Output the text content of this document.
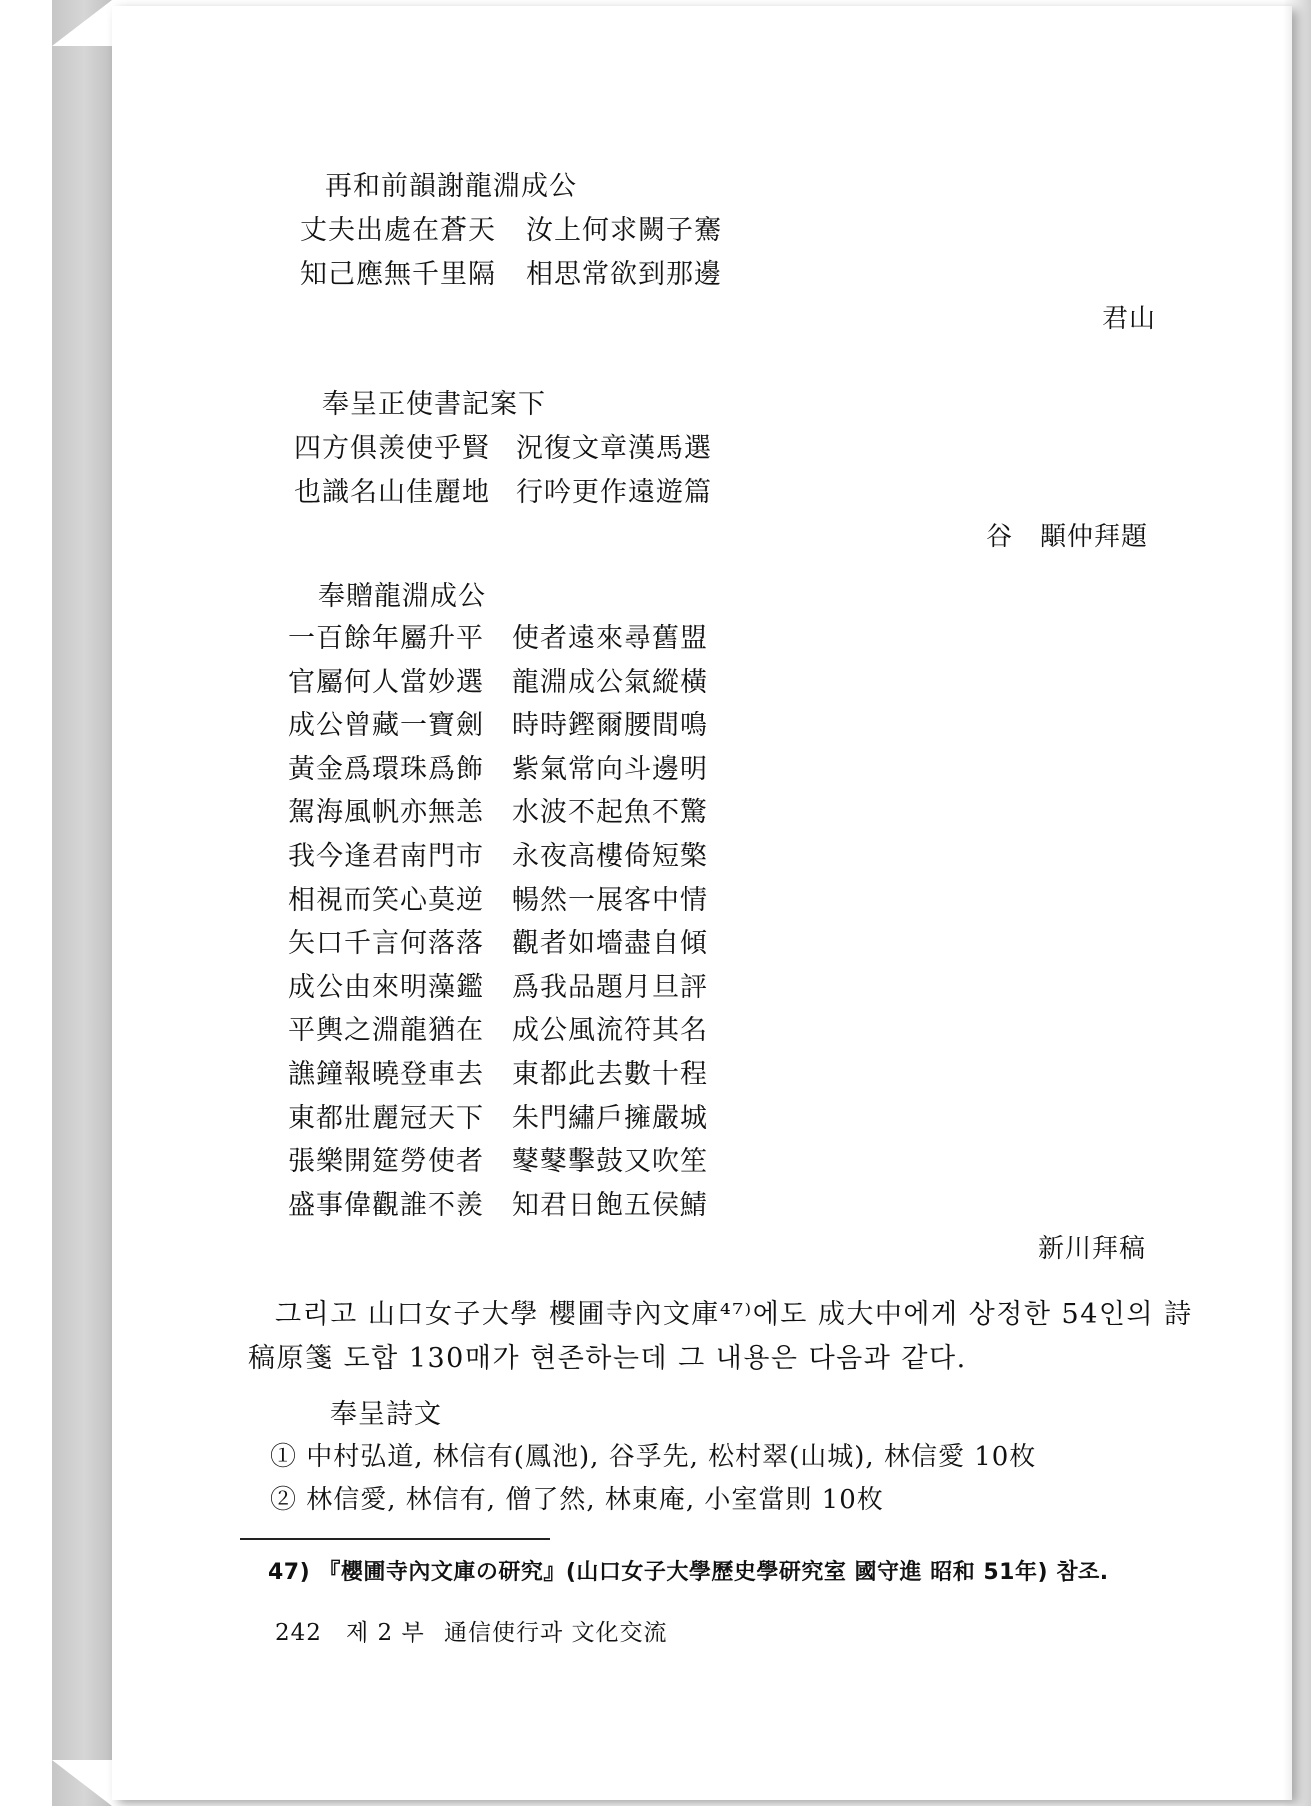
再和前韻謝龍淵成公
丈夫出處在蒼天 汝上何求闕子騫
知己應無千里隔 相思常欲到那邊
君山
奉呈正使書記案下
四方俱羡使乎賢 況復文章漢馬選
也識名山佳麗地 行吟更作遠遊篇
谷　顒仲拜題
奉贈龍淵成公
一百餘年屬升平 使者遠來尋舊盟
官屬何人當妙選 龍淵成公氣縱橫
成公曾藏一寶劍 時時鏗爾腰間鳴
黃金爲環珠爲飾 紫氣常向斗邊明
駕海風帆亦無恙 水波不起魚不驚
我今逢君南門市 永夜高樓倚短檠
相視而笑心莫逆 暢然一展客中情
矢口千言何落落 觀者如墻盡自傾
成公由來明藻鑑 爲我品題月旦評
平輿之淵龍猶在 成公風流符其名
譙鐘報曉登車去 東都此去數十程
東都壯麗冠天下 朱門繡戶擁嚴城
張樂開筵勞使者 鼕鼕擊鼓又吹笙
盛事偉觀誰不羨 知君日飽五侯鯖
新川拜稿
그리고 山口女子大學 櫻圃寺內文庫⁴⁷⁾에도 成大中에게 상정한 54인의 詩
稿原箋 도합 130매가 현존하는데 그 내용은 다음과 같다.
奉呈詩文
① 中村弘道, 林信有(鳳池), 谷孚先, 松村翠(山城), 林信愛 10枚
② 林信愛, 林信有, 僧了然, 林東庵, 小室當則 10枚
47) 『櫻圃寺內文庫の研究』(山口女子大學歷史學研究室 國守進 昭和 51年) 참조.
242 제 2 부 通信使行과 文化交流
